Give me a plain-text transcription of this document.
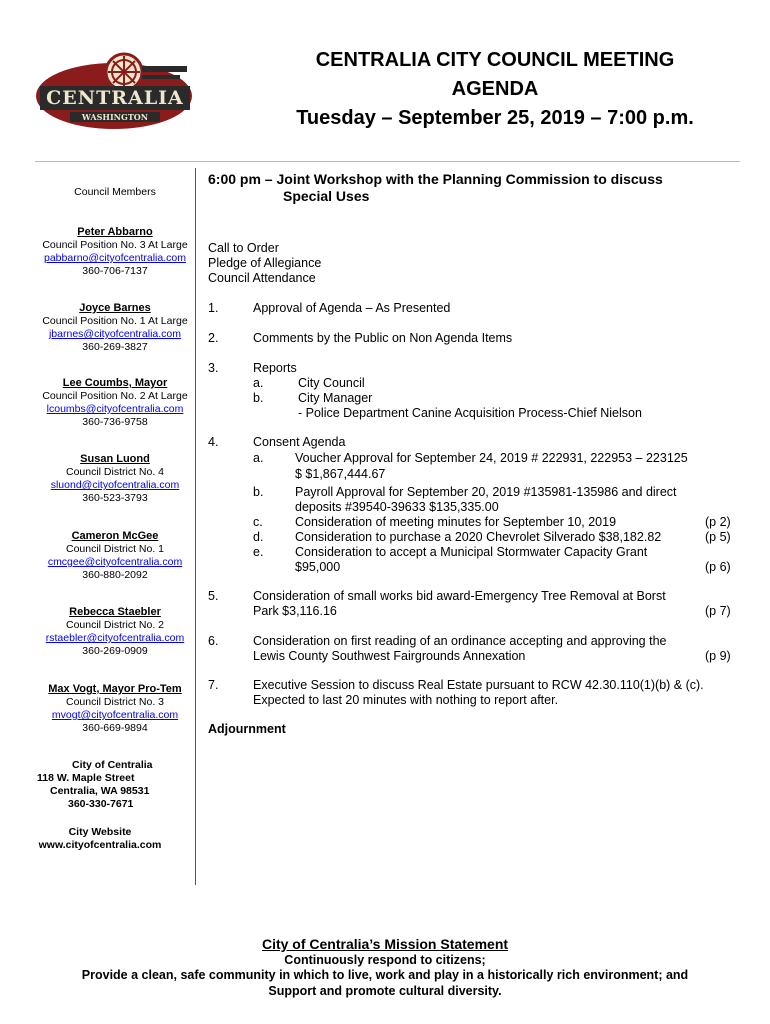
CENTRALIA
WASHINGTON
CENTRALIA CITY COUNCIL MEETING
AGENDA
Tuesday – September 25, 2019 – 7:00 p.m.
Council Members
Peter Abbarno
Council Position No. 3 At Large
pabbarno@cityofcentralia.com
360-706-7137
Joyce Barnes
Council Position No. 1 At Large
jbarnes@cityofcentralia.com
360-269-3827
Lee Coumbs, Mayor
Council Position No. 2 At Large
lcoumbs@cityofcentralia.com
360-736-9758
Susan Luond
Council District No. 4
sluond@cityofcentralia.com
360-523-3793
Cameron McGee
Council District No. 1
cmcgee@cityofcentralia.com
360-880-2092
Rebecca Staebler
Council District No. 2
rstaebler@cityofcentralia.com
360-269-0909
Max Vogt, Mayor Pro-Tem
Council District No. 3
mvogt@cityofcentralia.com
360-669-9894
City of Centralia
118 W. Maple Street
Centralia, WA 98531
360-330-7671
City Website
www.cityofcentralia.com
6:00 pm – Joint Workshop with the Planning Commission to discuss
Special Uses
Call to Order
Pledge of Allegiance
Council Attendance
1.	Approval of Agenda – As Presented
2.	Comments by the Public on Non Agenda Items
3.	Reports
a.	City Council
b.	City Manager
- Police Department Canine Acquisition Process-Chief Nielson
4.	Consent Agenda
a.	Voucher Approval for September 24, 2019 # 222931, 222953 – 223125
$ $1,867,444.67
b.	Payroll Approval for September 20, 2019 #135981-135986 and direct
deposits #39540-39633 $135,335.00
c.	Consideration of meeting minutes for September 10, 2019	(p 2)
d.	Consideration to purchase a 2020 Chevrolet Silverado $38,182.82	(p 5)
e.	Consideration to accept a Municipal Stormwater Capacity Grant
$95,000	(p 6)
5.	Consideration of small works bid award-Emergency Tree Removal at Borst
Park $3,116.16	(p 7)
6.	Consideration on first reading of an ordinance accepting and approving the
Lewis County Southwest Fairgrounds Annexation	(p 9)
7.	Executive Session to discuss Real Estate pursuant to RCW 42.30.110(1)(b) & (c).
Expected to last 20 minutes with nothing to report after.
Adjournment
City of Centralia’s Mission Statement
Continuously respond to citizens;
Provide a clean, safe community in which to live, work and play in a historically rich environment; and
Support and promote cultural diversity.
